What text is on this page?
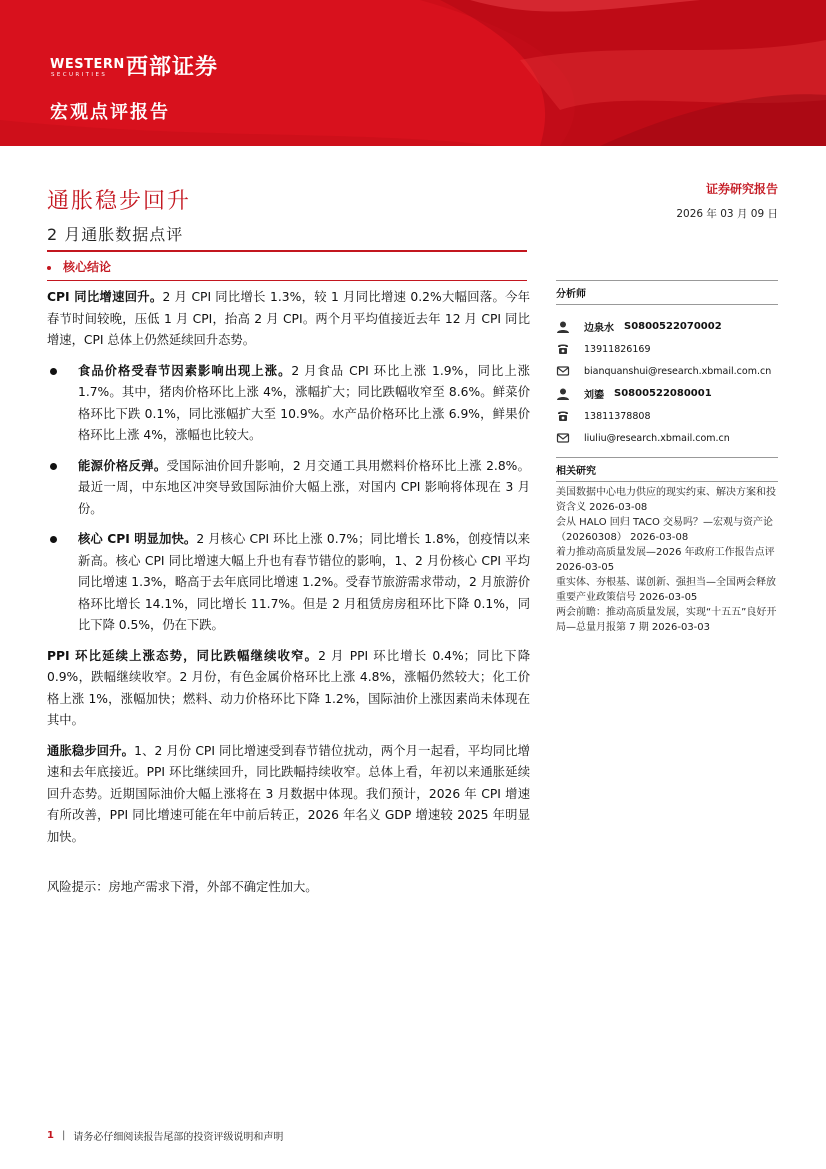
WESTERN
SECURITIES 西部证券
宏观点评报告
通胀稳步回升
2 月通胀数据点评
证券研究报告
2026 年 03 月 09 日
核心结论

CPI 同比增速回升。2 月 CPI 同比增长 1.3%，较 1 月同比增速 0.2%大幅回落。今年春节时间较晚，压低 1 月 CPI，抬高 2 月 CPI。两个月平均值接近去年 12 月 CPI 同比增速，CPI 总体上仍然延续回升态势。

食品价格受春节因素影响出现上涨。2 月食品 CPI 环比上涨 1.9%，同比上涨 1.7%。其中，猪肉价格环比上涨 4%，涨幅扩大；同比跌幅收窄至 8.6%。鲜菜价格环比下跌 0.1%，同比涨幅扩大至 10.9%。水产品价格环比上涨 6.9%，鲜果价格环比上涨 4%，涨幅也比较大。
能源价格反弹。受国际油价回升影响，2 月交通工具用燃料价格环比上涨 2.8%。最近一周，中东地区冲突导致国际油价大幅上涨，对国内 CPI 影响将体现在 3 月份。
核心 CPI 明显加快。2 月核心 CPI 环比上涨 0.7%；同比增长 1.8%，创疫情以来新高。核心 CPI 同比增速大幅上升也有春节错位的影响，1、2 月份核心 CPI 平均同比增速 1.3%，略高于去年底同比增速 1.2%。受春节旅游需求带动，2 月旅游价格环比增长 14.1%，同比增长 11.7%。但是 2 月租赁房房租环比下降 0.1%，同比下降 0.5%，仍在下跌。

PPI 环比延续上涨态势，同比跌幅继续收窄。2 月 PPI 环比增长 0.4%；同比下降 0.9%，跌幅继续收窄。2 月份，有色金属价格环比上涨 4.8%，涨幅仍然较大；化工价格上涨 1%，涨幅加快；燃料、动力价格环比下降 1.2%，国际油价上涨因素尚未体现在其中。

通胀稳步回升。1、2 月份 CPI 同比增速受到春节错位扰动，两个月一起看，平均同比增速和去年底接近。PPI 环比继续回升，同比跌幅持续收窄。总体上看，年初以来通胀延续回升态势。近期国际油价大幅上涨将在 3 月数据中体现。我们预计，2026 年 CPI 增速有所改善，PPI 同比增速可能在年中前后转正，2026 年名义 GDP 增速较 2025 年明显加快。

风险提示：房地产需求下滑，外部不确定性加大。

分析师
边泉水 S0800522070002
13911826169
bianquanshui@research.xbmail.com.cn
刘鎏 S0800522080001
13811378808
liuliu@research.xbmail.com.cn
相关研究
美国数据中心电力供应的现实约束、解决方案和投资含义 2026-03-08
会从 HALO 回归 TACO 交易吗？—宏观与资产论（20260308） 2026-03-08
着力推动高质量发展—2026 年政府工作报告点评 2026-03-05
重实体、夯根基、谋创新、强担当—全国两会释放重要产业政策信号 2026-03-05
两会前瞻：推动高质量发展，实现“十五五”良好开局—总量月报第 7 期 2026-03-03
1 | 请务必仔细阅读报告尾部的投资评级说明和声明
